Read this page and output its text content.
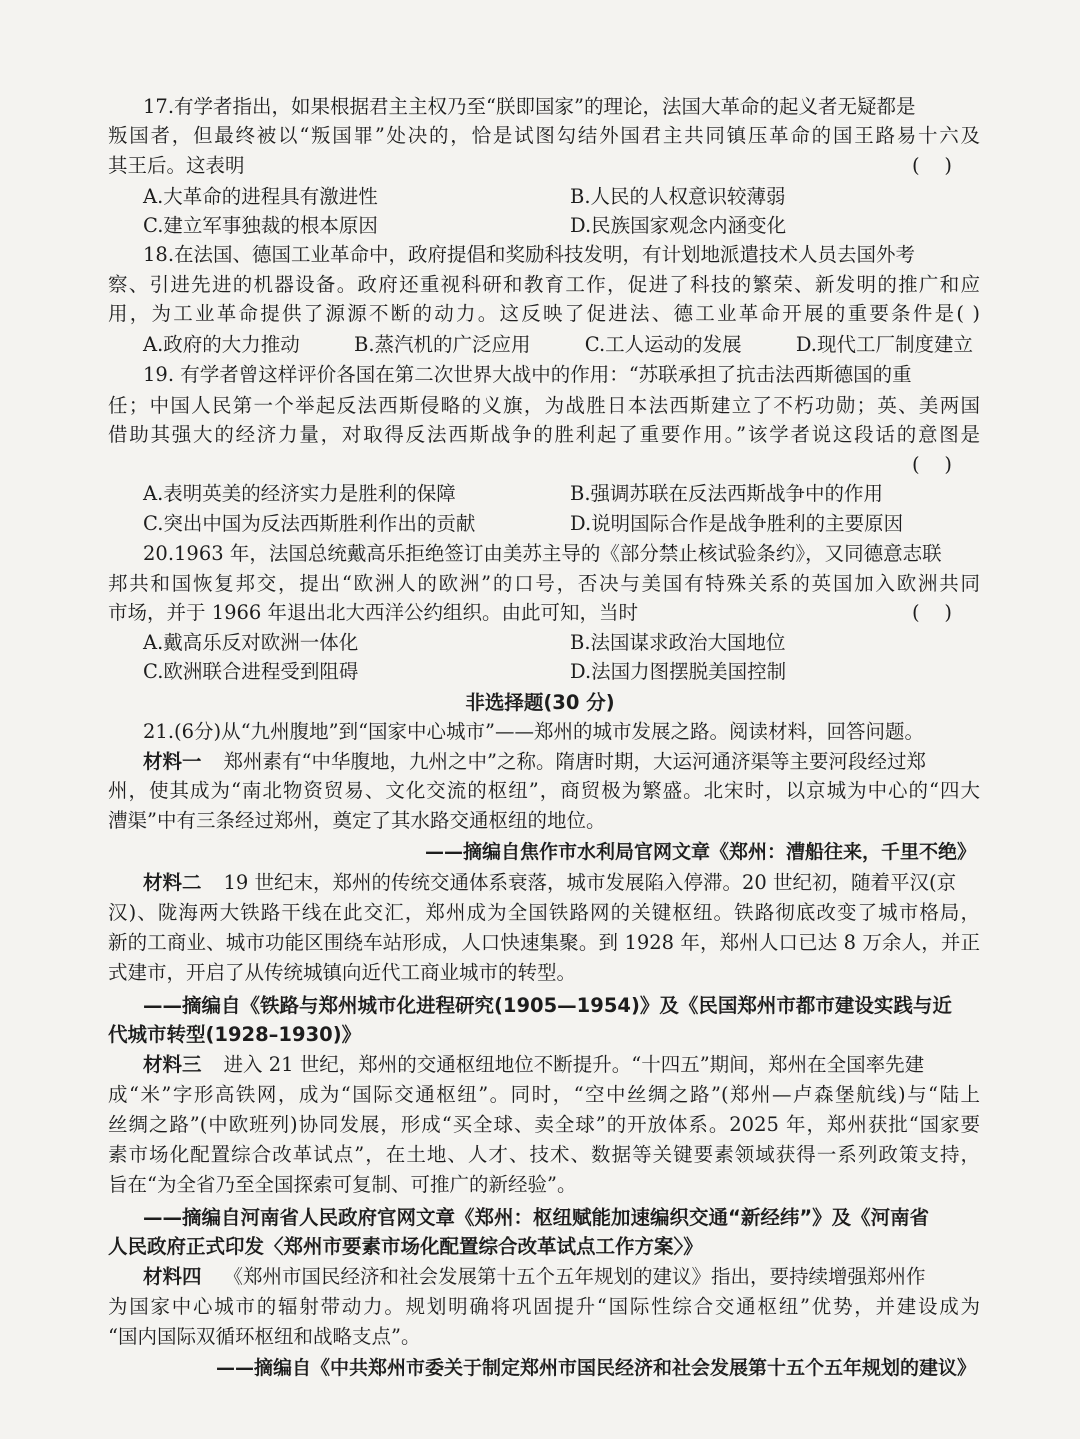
17.有学者指出，如果根据君主主权乃至“朕即国家”的理论，法国大革命的起义者无疑都是
叛国者，但最终被以“叛国罪”处决的，恰是试图勾结外国君主共同镇压革命的国王路易十六及
其王后。这表明	(    )
A.大革命的进程具有激进性	B.人民的人权意识较薄弱
C.建立军事独裁的根本原因	D.民族国家观念内涵变化
18.在法国、德国工业革命中，政府提倡和奖励科技发明，有计划地派遣技术人员去国外考
察、引进先进的机器设备。政府还重视科研和教育工作，促进了科技的繁荣、新发明的推广和应
用，为工业革命提供了源源不断的动力。这反映了促进法、德工业革命开展的重要条件是( )
A.政府的大力推动	B.蒸汽机的广泛应用	C.工人运动的发展	D.现代工厂制度建立
19. 有学者曾这样评价各国在第二次世界大战中的作用：“苏联承担了抗击法西斯德国的重
任；中国人民第一个举起反法西斯侵略的义旗，为战胜日本法西斯建立了不朽功勋；英、美两国
借助其强大的经济力量，对取得反法西斯战争的胜利起了重要作用。”该学者说这段话的意图是
(    )
A.表明英美的经济实力是胜利的保障	B.强调苏联在反法西斯战争中的作用
C.突出中国为反法西斯胜利作出的贡献	D.说明国际合作是战争胜利的主要原因
20.1963 年，法国总统戴高乐拒绝签订由美苏主导的《部分禁止核试验条约》，又同德意志联
邦共和国恢复邦交，提出“欧洲人的欧洲”的口号，否决与美国有特殊关系的英国加入欧洲共同
市场，并于 1966 年退出北大西洋公约组织。由此可知，当时	(    )
A.戴高乐反对欧洲一体化	B.法国谋求政治大国地位
C.欧洲联合进程受到阻碍	D.法国力图摆脱美国控制
非选择题(30 分)
21.(6分)从“九州腹地”到“国家中心城市”——郑州的城市发展之路。阅读材料，回答问题。
材料一 郑州素有“中华腹地，九州之中”之称。隋唐时期，大运河通济渠等主要河段经过郑
州，使其成为“南北物资贸易、文化交流的枢纽”，商贸极为繁盛。北宋时，以京城为中心的“四大
漕渠”中有三条经过郑州，奠定了其水路交通枢纽的地位。
——摘编自焦作市水利局官网文章《郑州：漕船往来，千里不绝》
材料二 19 世纪末，郑州的传统交通体系衰落，城市发展陷入停滞。20 世纪初，随着平汉(京
汉)、陇海两大铁路干线在此交汇，郑州成为全国铁路网的关键枢纽。铁路彻底改变了城市格局，
新的工商业、城市功能区围绕车站形成，人口快速集聚。到 1928 年，郑州人口已达 8 万余人，并正
式建市，开启了从传统城镇向近代工商业城市的转型。
——摘编自《铁路与郑州城市化进程研究(1905—1954)》及《民国郑州市都市建设实践与近
代城市转型(1928–1930)》
材料三 进入 21 世纪，郑州的交通枢纽地位不断提升。“十四五”期间，郑州在全国率先建
成“米”字形高铁网，成为“国际交通枢纽”。同时，“空中丝绸之路”(郑州—卢森堡航线)与“陆上
丝绸之路”(中欧班列)协同发展，形成“买全球、卖全球”的开放体系。2025 年，郑州获批“国家要
素市场化配置综合改革试点”，在土地、人才、技术、数据等关键要素领域获得一系列政策支持，
旨在“为全省乃至全国探索可复制、可推广的新经验”。
——摘编自河南省人民政府官网文章《郑州：枢纽赋能加速编织交通“新经纬”》及《河南省
人民政府正式印发〈郑州市要素市场化配置综合改革试点工作方案〉》
材料四 《郑州市国民经济和社会发展第十五个五年规划的建议》指出，要持续增强郑州作
为国家中心城市的辐射带动力。规划明确将巩固提升“国际性综合交通枢纽”优势，并建设成为
“国内国际双循环枢纽和战略支点”。
——摘编自《中共郑州市委关于制定郑州市国民经济和社会发展第十五个五年规划的建议》
